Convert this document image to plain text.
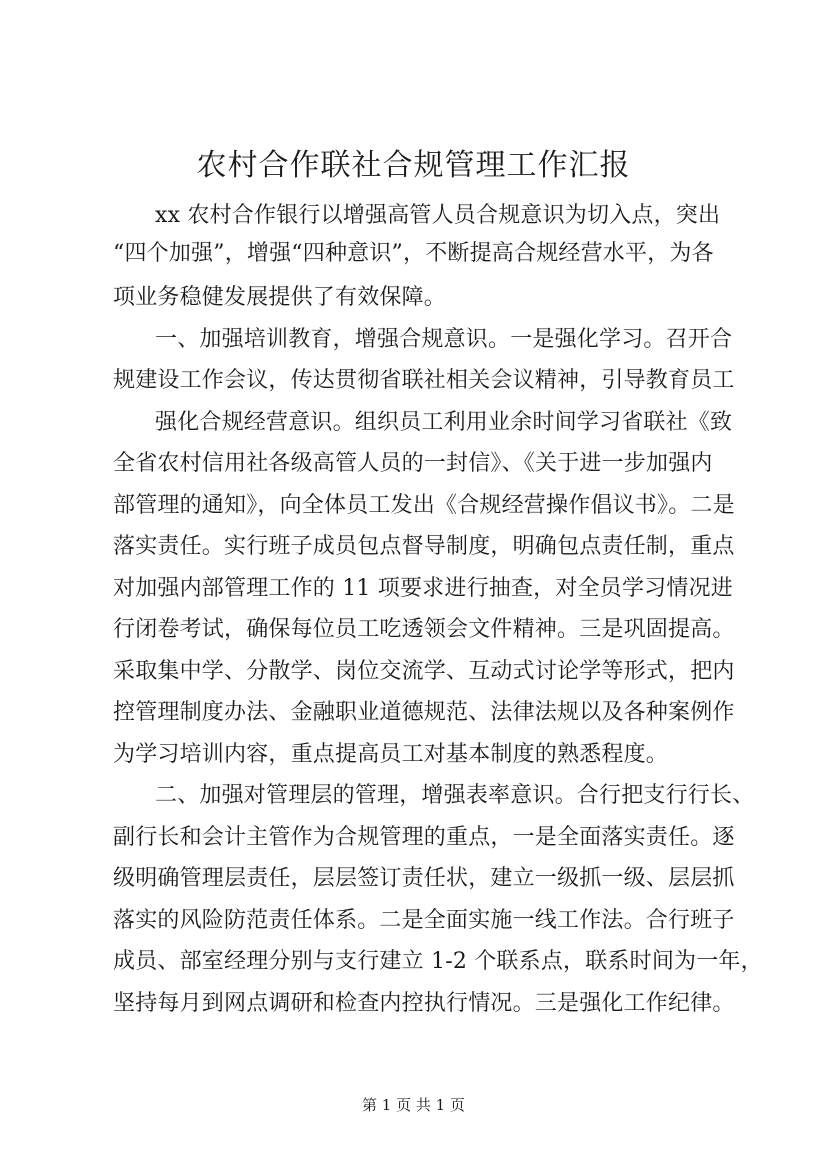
农村合作联社合规管理工作汇报
xx 农村合作银行以增强高管人员合规意识为切入点，突出
“四个加强”，增强“四种意识”，不断提高合规经营水平，为各
项业务稳健发展提供了有效保障。
一、加强培训教育，增强合规意识。一是强化学习。召开合
规建设工作会议，传达贯彻省联社相关会议精神，引导教育员工
强化合规经营意识。组织员工利用业余时间学习省联社《致
全省农村信用社各级高管人员的一封信》、《关于进一步加强内
部管理的通知》，向全体员工发出《合规经营操作倡议书》。二是
落实责任。实行班子成员包点督导制度，明确包点责任制，重点
对加强内部管理工作的 11 项要求进行抽查，对全员学习情况进
行闭卷考试，确保每位员工吃透领会文件精神。三是巩固提高。
采取集中学、分散学、岗位交流学、互动式讨论学等形式，把内
控管理制度办法、金融职业道德规范、法律法规以及各种案例作
为学习培训内容，重点提高员工对基本制度的熟悉程度。
二、加强对管理层的管理，增强表率意识。合行把支行行长、
副行长和会计主管作为合规管理的重点，一是全面落实责任。逐
级明确管理层责任，层层签订责任状，建立一级抓一级、层层抓
落实的风险防范责任体系。二是全面实施一线工作法。合行班子
成员、部室经理分别与支行建立 1-2 个联系点，联系时间为一年，
坚持每月到网点调研和检查内控执行情况。三是强化工作纪律。
第 1 页 共 1 页
